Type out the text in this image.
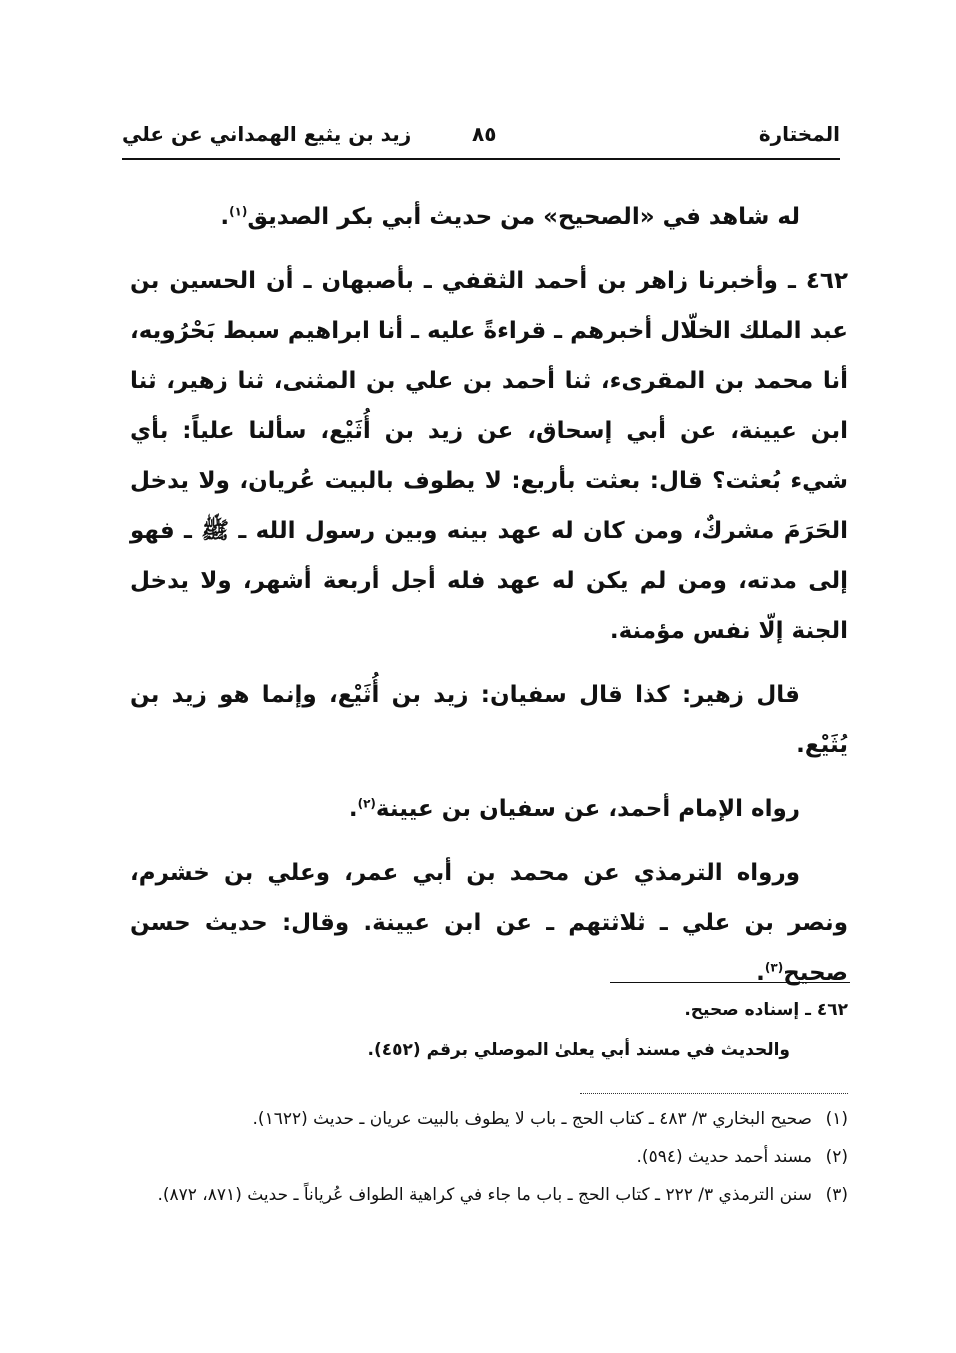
المختارة
٨٥
زيد بن يثيع الهمداني عن علي

له شاهد في «الصحيح» من حديث أبي بكر الصديق$^{(١)}$.

٤٦٢ ـ وأخبرنا زاهر بن أحمد الثقفي ـ بأصبهان ـ أن الحسين بن عبد الملك الخلّال أخبرهم ـ قراءةً عليه ـ أنا ابراهيم سبط بَحْرُويه، أنا محمد بن المقرىء، ثنا أحمد بن علي بن المثنى، ثنا زهير، ثنا ابن عيينة، عن أبي إسحاق، عن زيد بن أُثَيْع، سألنا علياً: بأي شيء بُعثت؟ قال: بعثت بأربع: لا يطوف بالبيت عُريان، ولا يدخل الحَرَمَ مشركٌ، ومن كان له عهد بينه وبين رسول الله ـ ﷺ ـ فهو إلى مدته، ومن لم يكن له عهد فله أجل أربعة أشهر، ولا يدخل الجنة إلّا نفس مؤمنة.

قال زهير: كذا قال سفيان: زيد بن أُثَيْع، وإنما هو زيد بن يُثَيْع.

رواه الإمام أحمد، عن سفيان بن عيينة$^{(٢)}$.

ورواه الترمذي عن محمد بن أبي عمر، وعلي بن خشرم، ونصر بن علي ـ ثلاثتهم ـ عن ابن عيينة. وقال: حديث حسن صحيح$^{(٣)}$.

٤٦٢ ـ إسناده صحيح.

والحديث في مسند أبي يعلىٰ الموصلي برقم (٤٥٢).

(١)
صحيح البخاري ٣/ ٤٨٣ ـ كتاب الحج ـ باب لا يطوف بالبيت عريان ـ حديث (١٦٢٢).
(٢)
مسند أحمد حديث (٥٩٤).
(٣)
سنن الترمذي ٣/ ٢٢٢ ـ كتاب الحج ـ باب ما جاء في كراهية الطواف عُرياناً ـ حديث (٨٧١، ٨٧٢).
